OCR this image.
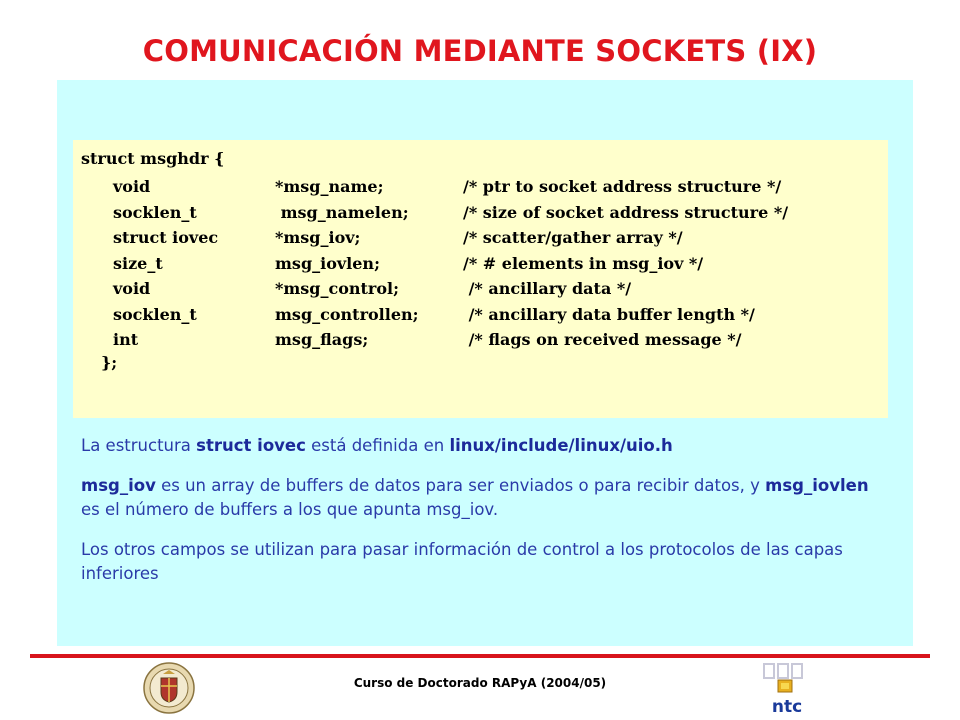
COMUNICACIÓN MEDIANTE SOCKETS (IX)
struct msghdr {
void	*msg_name;	/* ptr to socket address structure */
socklen_t	msg_namelen;	/* size of socket address structure */
struct iovec	*msg_iov;	/* scatter/gather array */
size_t	msg_iovlen;	/* # elements in msg_iov */
void	*msg_control;	/* ancillary data */
socklen_t	msg_controllen;	/* ancillary data buffer length */
int	msg_flags;	/* flags on received message */
};
La estructura struct iovec está definida en linux/include/linux/uio.h
msg_iov es un array de buffers de datos para ser enviados o para recibir datos, y msg_iovlen es el número de buffers a los que apunta msg_iov.
Los otros campos se utilizan para pasar información de control a los protocolos de las capas inferiores
Curso de Doctorado RAPyA (2004/05)
ntc
